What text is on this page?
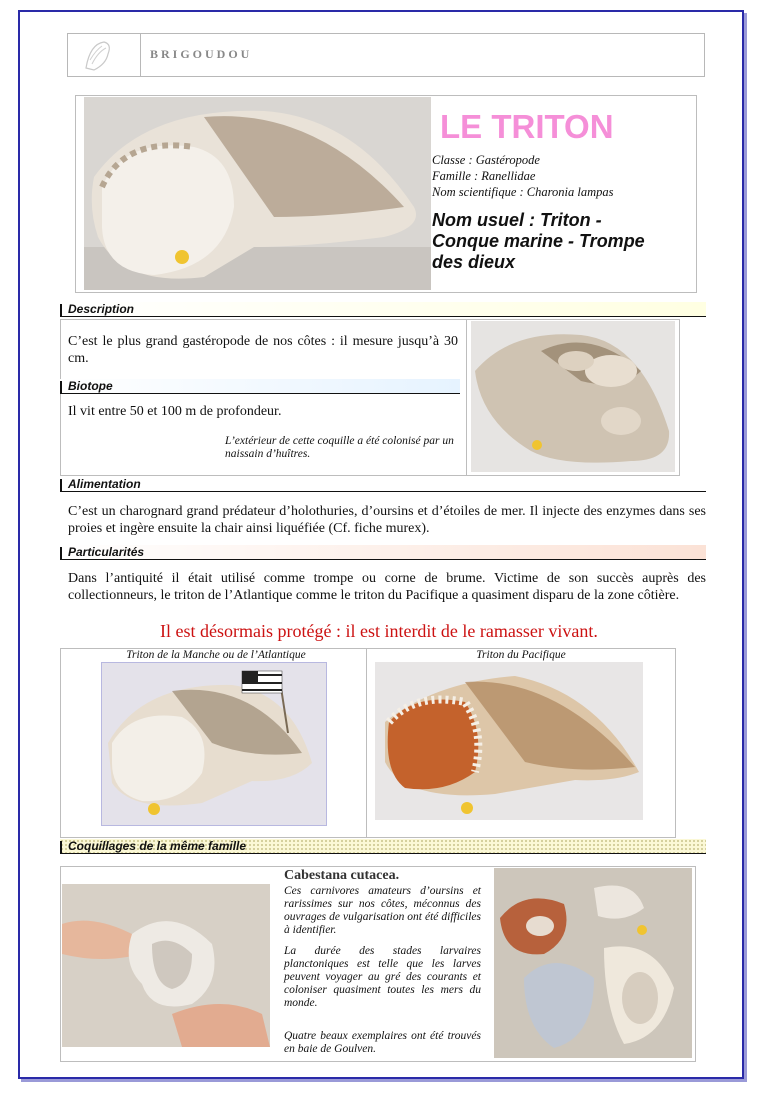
BRIGOUDOU
LE TRITON
Classe : Gastéropode
Famille : Ranellidae
Nom scientifique : Charonia lampas
Nom usuel : Triton - Conque marine - Trompe des dieux
Description
C’est le plus grand gastéropode de nos côtes : il mesure jusqu’à 30 cm.
Biotope
Il vit entre 50 et 100 m de profondeur.
L’extérieur de cette coquille a été colonisé par un naissain d’huîtres.
Alimentation
C’est un charognard grand prédateur d’holothuries, d’oursins et d’étoiles de mer. Il injecte des enzymes dans ses proies et ingère ensuite la chair ainsi liquéfiée (Cf. fiche murex).
Particularités
Dans l’antiquité il était utilisé comme trompe ou corne de brume. Victime de son succès auprès des collectionneurs, le triton de l’Atlantique comme le triton du Pacifique a quasiment disparu de la zone côtière.
Il est désormais protégé : il est interdit de le ramasser vivant.
Triton de la Manche ou de l’Atlantique	Triton du Pacifique
Coquillages de la même famille
Cabestana cutacea.
Ces carnivores amateurs d’oursins et rarissimes sur nos côtes, méconnus des ouvrages de vulgarisation ont été difficiles à identifier.
La durée des stades larvaires planctoniques est telle que les larves peuvent voyager au gré des courants et coloniser quasiment toutes les mers du monde.
Quatre beaux exemplaires ont été trouvés en baie de Goulven.
